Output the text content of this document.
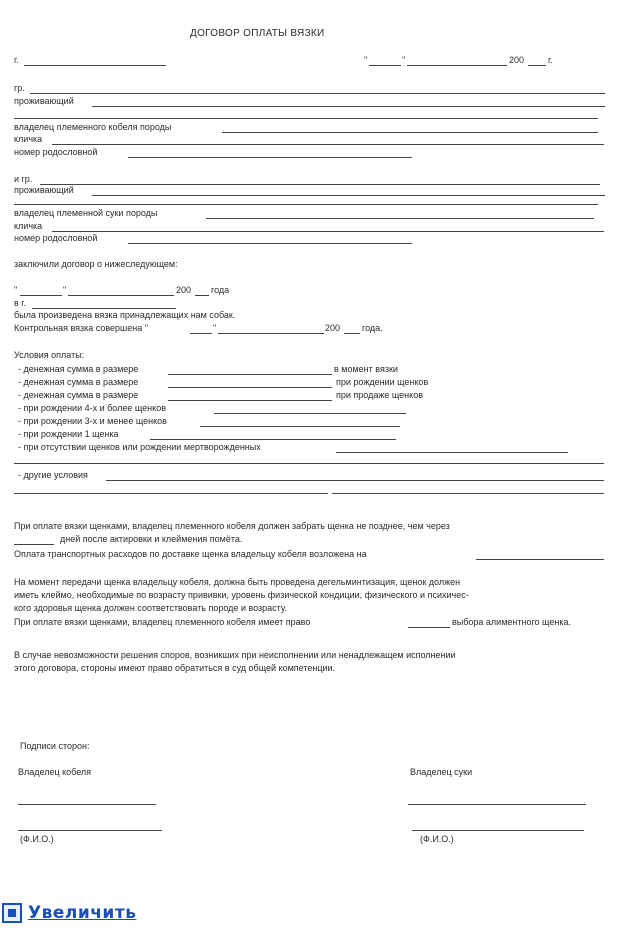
ДОГОВОР ОПЛАТЫ ВЯЗКИ
г.	"	"	200	г.
гр.
проживающий
владелец племенного кобеля породы
кличка
номер родословной
и гр.
проживающий
владелец племенной суки породы
кличка
номер родословной
заключили договор о нижеследующем:
"	"	200 года
в г.
была произведена вязка принадлежащих нам собак.
Контрольная вязка совершена "	"	200 года.
Условия оплаты:
- денежная сумма в размере	в момент вязки
- денежная сумма в размере	при рождении щенков
- денежная сумма в размере	при продаже щенков
- при рождении 4-х и более щенков
- при рождении 3-х и менее щенков
- при рождении 1 щенка
- при отсутствии щенков или рождении мертворожденных
- другие условия
При оплате вязки щенками, владелец племенного кобеля должен забрать щенка не позднее, чем через
дней после актировки и клеймения помёта.
Оплата транспортных расходов по доставке щенка владельцу кобеля возложена на
На момент передачи щенка владельцу кобеля, должна быть проведена дегельминтизация, щенок должен
иметь клеймо, необходимые по возрасту прививки, уровень физической кондиции, физического и психичес-
кого здоровья щенка должен соответствовать породе и возрасту.
При оплате вязки щенками, владелец племенного кобеля имеет право	выбора алиментного щенка.
В случае невозможности решения споров, возникших при неисполнении или ненадлежащем исполнении
этого договора, стороны имеют право обратиться в суд общей компетенции.
Подписи сторон:
Владелец кобеля	Владелец суки
(Ф.И.О.)	(Ф.И.О.)
Увеличить
